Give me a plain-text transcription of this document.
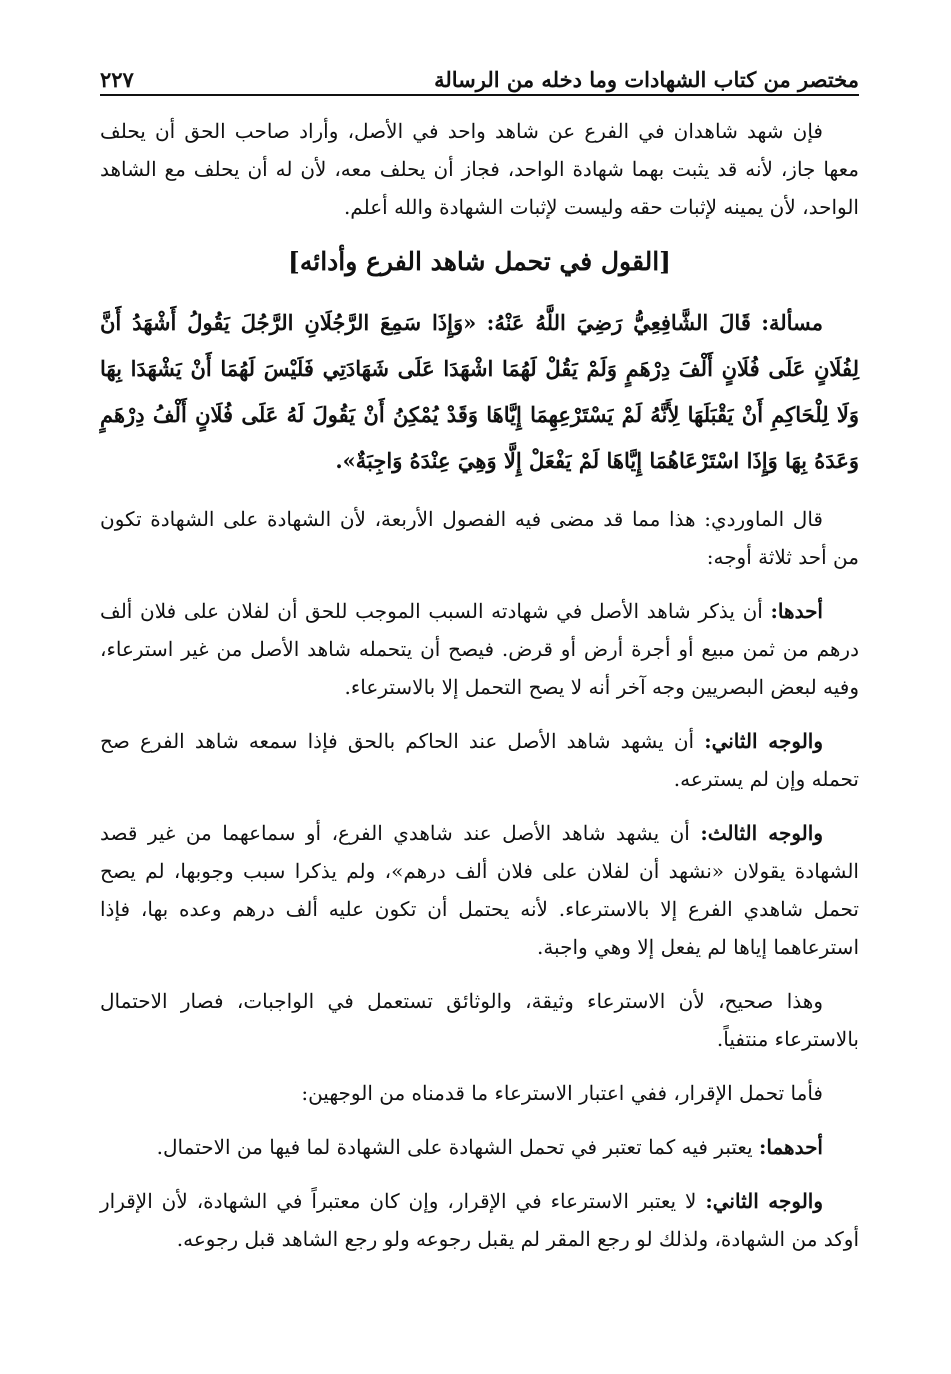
مختصر من كتاب الشهادات وما دخله من الرسالة
٢٢٧

فإن شهد شاهدان في الفرع عن شاهد واحد في الأصل، وأراد صاحب الحق أن يحلف معها جاز، لأنه قد يثبت بهما شهادة الواحد، فجاز أن يحلف معه، لأن له أن يحلف مع الشاهد الواحد، لأن يمينه لإثبات حقه وليست لإثبات الشهادة والله أعلم.

[القول في تحمل شاهد الفرع وأدائه]

مسألة: قَالَ الشَّافِعِيُّ رَضِيَ اللَّهُ عَنْهُ: «وَإِذَا سَمِعَ الرَّجُلَانِ الرَّجُلَ يَقُولُ أَشْهَدُ أَنَّ لِفُلَانٍ عَلَى فُلَانٍ أَلْفَ دِرْهَمٍ وَلَمْ يَقُلْ لَهُمَا اشْهَدَا عَلَى شَهَادَتِي فَلَيْسَ لَهُمَا أَنْ يَشْهَدَا بِهَا وَلَا لِلْحَاكِمِ أَنْ يَقْبَلَهَا لِأَنَّهُ لَمْ يَسْتَرْعِهِمَا إِيَّاهَا وَقَدْ يُمْكِنُ أَنْ يَقُولَ لَهُ عَلَى فُلَانٍ أَلْفُ دِرْهَمٍ وَعَدَهُ بِهَا وَإِذَا اسْتَرْعَاهُمَا إِيَّاهَا لَمْ يَفْعَلْ إِلَّا وَهِيَ عِنْدَهُ وَاجِبَةٌ».

قال الماوردي: هذا مما قد مضى فيه الفصول الأربعة، لأن الشهادة على الشهادة تكون من أحد ثلاثة أوجه:

أحدها: أن يذكر شاهد الأصل في شهادته السبب الموجب للحق أن لفلان على فلان ألف درهم من ثمن مبيع أو أجرة أرض أو قرض. فيصح أن يتحمله شاهد الأصل من غير استرعاء، وفيه لبعض البصريين وجه آخر أنه لا يصح التحمل إلا بالاسترعاء.

والوجه الثاني: أن يشهد شاهد الأصل عند الحاكم بالحق فإذا سمعه شاهد الفرع صح تحمله وإن لم يسترعه.

والوجه الثالث: أن يشهد شاهد الأصل عند شاهدي الفرع، أو سماعهما من غير قصد الشهادة يقولان «نشهد أن لفلان على فلان ألف درهم»، ولم يذكرا سبب وجوبها، لم يصح تحمل شاهدي الفرع إلا بالاسترعاء. لأنه يحتمل أن تكون عليه ألف درهم وعده بها، فإذا استرعاهما إياها لم يفعل إلا وهي واجبة.

وهذا صحيح، لأن الاسترعاء وثيقة، والوثائق تستعمل في الواجبات، فصار الاحتمال بالاسترعاء منتفياً.

فأما تحمل الإقرار، ففي اعتبار الاسترعاء ما قدمناه من الوجهين:

أحدهما: يعتبر فيه كما تعتبر في تحمل الشهادة على الشهادة لما فيها من الاحتمال.

والوجه الثاني: لا يعتبر الاسترعاء في الإقرار، وإن كان معتبراً في الشهادة، لأن الإقرار أوكد من الشهادة، ولذلك لو رجع المقر لم يقبل رجوعه ولو رجع الشاهد قبل رجوعه.
